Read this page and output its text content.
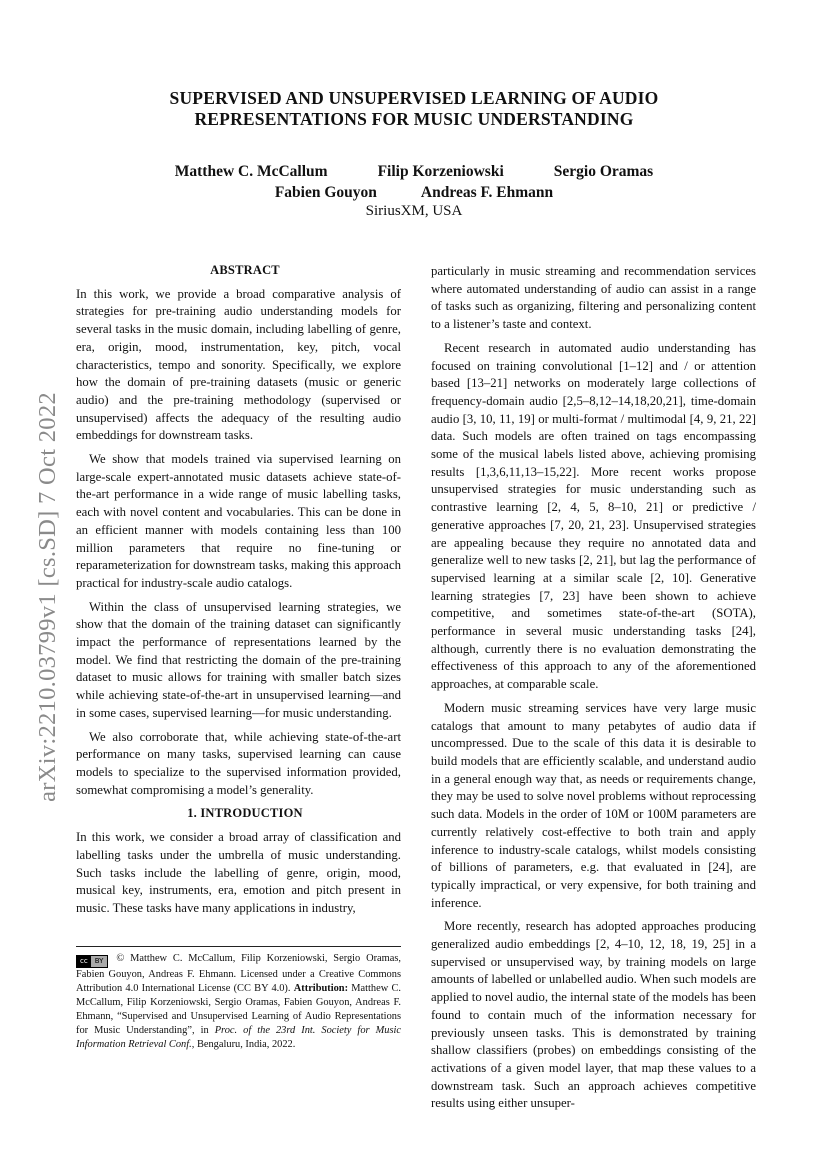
SUPERVISED AND UNSUPERVISED LEARNING OF AUDIO
REPRESENTATIONS FOR MUSIC UNDERSTANDING
Matthew C. McCallum	Filip Korzeniowski	Sergio Oramas
Fabien Gouyon	Andreas F. Ehmann
SiriusXM, USA
arXiv:2210.03799v1 [cs.SD] 7 Oct 2022

ABSTRACT

In this work, we provide a broad comparative analysis of strategies for pre-training audio understanding models for several tasks in the music domain, including labelling of genre, era, origin, mood, instrumentation, key, pitch, vocal characteristics, tempo and sonority. Specifically, we explore how the domain of pre-training datasets (music or generic audio) and the pre-training methodology (supervised or unsupervised) affects the adequacy of the resulting audio embeddings for downstream tasks.

We show that models trained via supervised learning on large-scale expert-annotated music datasets achieve state-of-the-art performance in a wide range of music labelling tasks, each with novel content and vocabularies. This can be done in an efficient manner with models containing less than 100 million parameters that require no fine-tuning or reparameterization for downstream tasks, making this approach practical for industry-scale audio catalogs.

Within the class of unsupervised learning strategies, we show that the domain of the training dataset can significantly impact the performance of representations learned by the model. We find that restricting the domain of the pre-training dataset to music allows for training with smaller batch sizes while achieving state-of-the-art in unsupervised learning—and in some cases, supervised learning—for music understanding.

We also corroborate that, while achieving state-of-the-art performance on many tasks, supervised learning can cause models to specialize to the supervised information provided, somewhat compromising a model’s generality.

1. INTRODUCTION

In this work, we consider a broad array of classification and labelling tasks under the umbrella of music understanding. Such tasks include the labelling of genre, origin, mood, musical key, instruments, era, emotion and pitch present in music. These tasks have many applications in industry,

cc	BY	© Matthew C. McCallum, Filip Korzeniowski, Sergio Oramas, Fabien Gouyon, Andreas F. Ehmann. Licensed under a Creative Commons Attribution 4.0 International License (CC BY 4.0). Attribution: Matthew C. McCallum, Filip Korzeniowski, Sergio Oramas, Fabien Gouyon, Andreas F. Ehmann, “Supervised and Unsupervised Learning of Audio Representations for Music Understanding”, in Proc. of the 23rd Int. Society for Music Information Retrieval Conf., Bengaluru, India, 2022.

particularly in music streaming and recommendation services where automated understanding of audio can assist in a range of tasks such as organizing, filtering and personalizing content to a listener’s taste and context.

Recent research in automated audio understanding has focused on training convolutional [1–12] and / or attention based [13–21] networks on moderately large collections of frequency-domain audio [2,5–8,12–14,18,20,21], time-domain audio [3, 10, 11, 19] or multi-format / multimodal [4, 9, 21, 22] data. Such models are often trained on tags encompassing some of the musical labels listed above, achieving promising results [1,3,6,11,13–15,22]. More recent works propose unsupervised strategies for music understanding such as contrastive learning [2, 4, 5, 8–10, 21] or predictive / generative approaches [7, 20, 21, 23]. Unsupervised strategies are appealing because they require no annotated data and generalize well to new tasks [2, 21], but lag the performance of supervised learning at a similar scale [2, 10]. Generative learning strategies [7, 23] have been shown to achieve competitive, and sometimes state-of-the-art (SOTA), performance in several music understanding tasks [24], although, currently there is no evaluation demonstrating the effectiveness of this approach to any of the aforementioned approaches, at comparable scale.

Modern music streaming services have very large music catalogs that amount to many petabytes of audio data if uncompressed. Due to the scale of this data it is desirable to build models that are efficiently scalable, and understand audio in a general enough way that, as needs or requirements change, they may be used to solve novel problems without reprocessing such data. Models in the order of 10M or 100M parameters are currently relatively cost-effective to both train and apply inference to industry-scale catalogs, whilst models consisting of billions of parameters, e.g. that evaluated in [24], are typically impractical, or very expensive, for both training and inference.

More recently, research has adopted approaches producing generalized audio embeddings [2, 4–10, 12, 18, 19, 25] in a supervised or unsupervised way, by training models on large amounts of labelled or unlabelled audio. When such models are applied to novel audio, the internal state of the models has been found to contain much of the information necessary for previously unseen tasks. This is demonstrated by training shallow classifiers (probes) on embeddings consisting of the activations of a given model layer, that map these values to a downstream task. Such an approach achieves competitive results using either unsuper-
